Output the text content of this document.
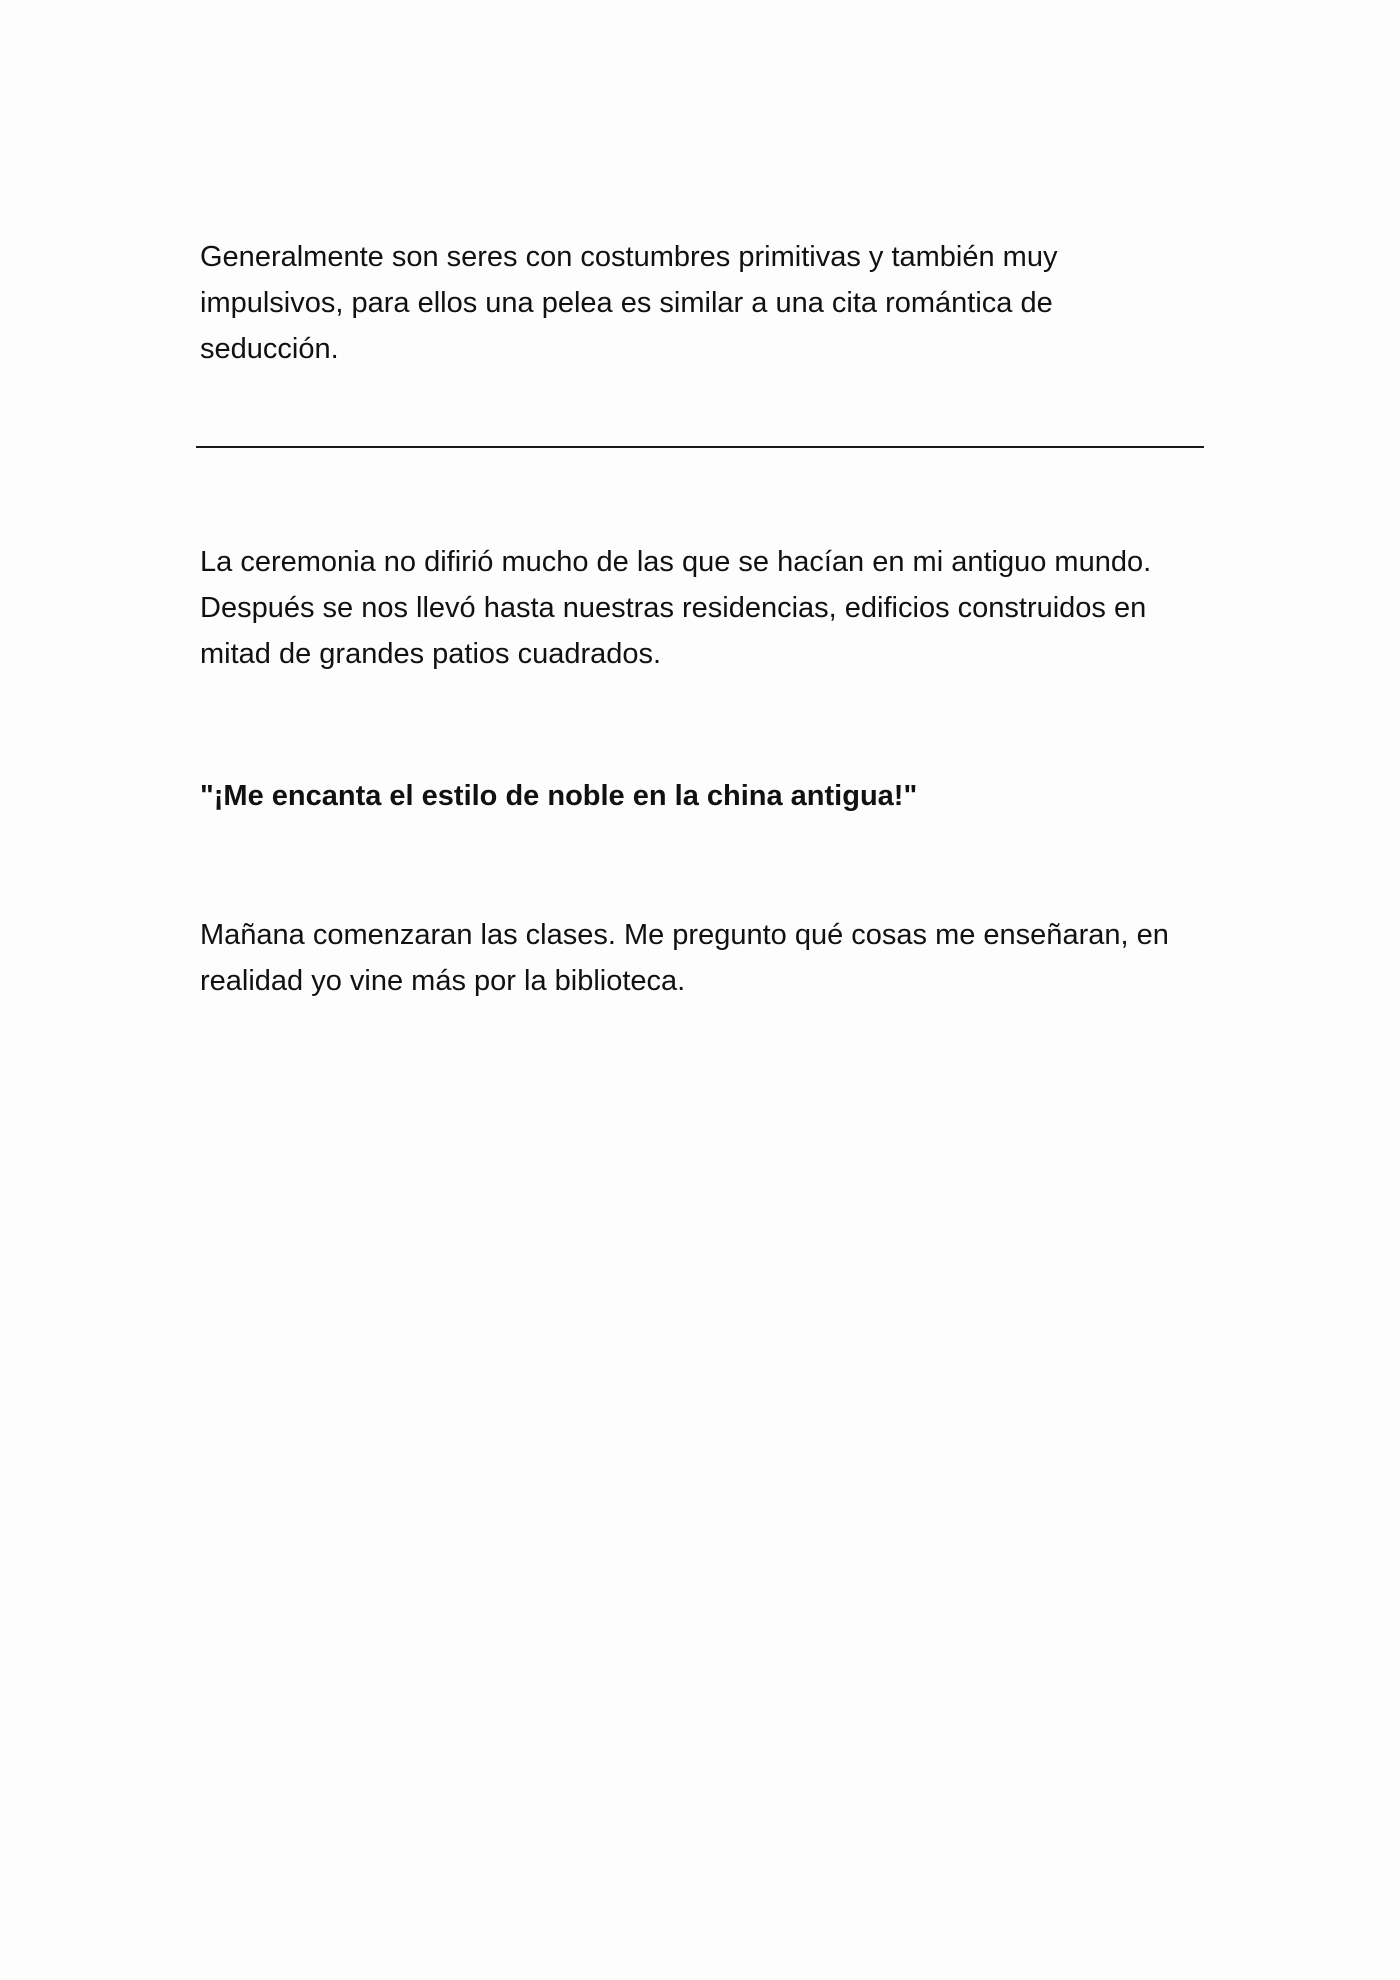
Generalmente son seres con costumbres primitivas y también muy
impulsivos, para ellos una pelea es similar a una cita romántica de
seducción.

La ceremonia no difirió mucho de las que se hacían en mi antiguo mundo.
Después se nos llevó hasta nuestras residencias, edificios construidos en
mitad de grandes patios cuadrados.

"¡Me encanta el estilo de noble en la china antigua!"

Mañana comenzaran las clases. Me pregunto qué cosas me enseñaran, en
realidad yo vine más por la biblioteca.
